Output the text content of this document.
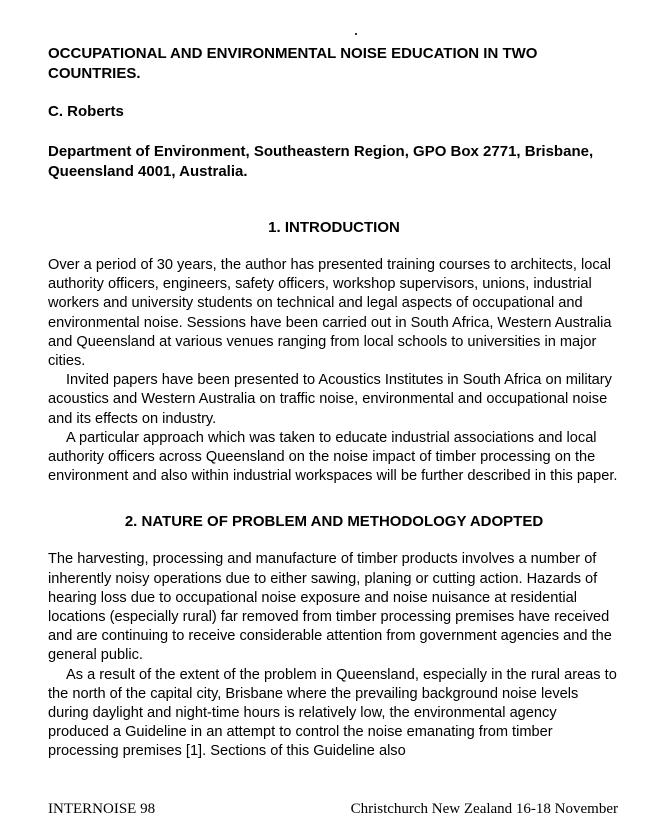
OCCUPATIONAL AND ENVIRONMENTAL NOISE EDUCATION IN TWO COUNTRIES.
C. Roberts
Department of Environment, Southeastern Region, GPO Box 2771, Brisbane, Queensland 4001, Australia.
1. INTRODUCTION

Over a period of 30 years, the author has presented training courses to architects, local authority officers, engineers, safety officers, workshop supervisors, unions, industrial workers and university students on technical and legal aspects of occupational and environmental noise. Sessions have been carried out in South Africa, Western Australia and Queensland at various venues ranging from local schools to universities in major cities.

Invited papers have been presented to Acoustics Institutes in South Africa on military acoustics and Western Australia on traffic noise, environmental and occupational noise and its effects on industry.

A particular approach which was taken to educate industrial associations and local authority officers across Queensland on the noise impact of timber processing on the environment and also within industrial workspaces will be further described in this paper.

2. NATURE OF PROBLEM AND METHODOLOGY ADOPTED

The harvesting, processing and manufacture of timber products involves a number of inherently noisy operations due to either sawing, planing or cutting action. Hazards of hearing loss due to occupational noise exposure and noise nuisance at residential locations (especially rural) far removed from timber processing premises have received and are continuing to receive considerable attention from government agencies and the general public.

As a result of the extent of the problem in Queensland, especially in the rural areas to the north of the capital city, Brisbane where the prevailing background noise levels during daylight and night-time hours is relatively low, the environmental agency produced a Guideline in an attempt to control the noise emanating from timber processing premises [1]. Sections of this Guideline also

INTERNOISE 98	Christchurch New Zealand 16-18 November
